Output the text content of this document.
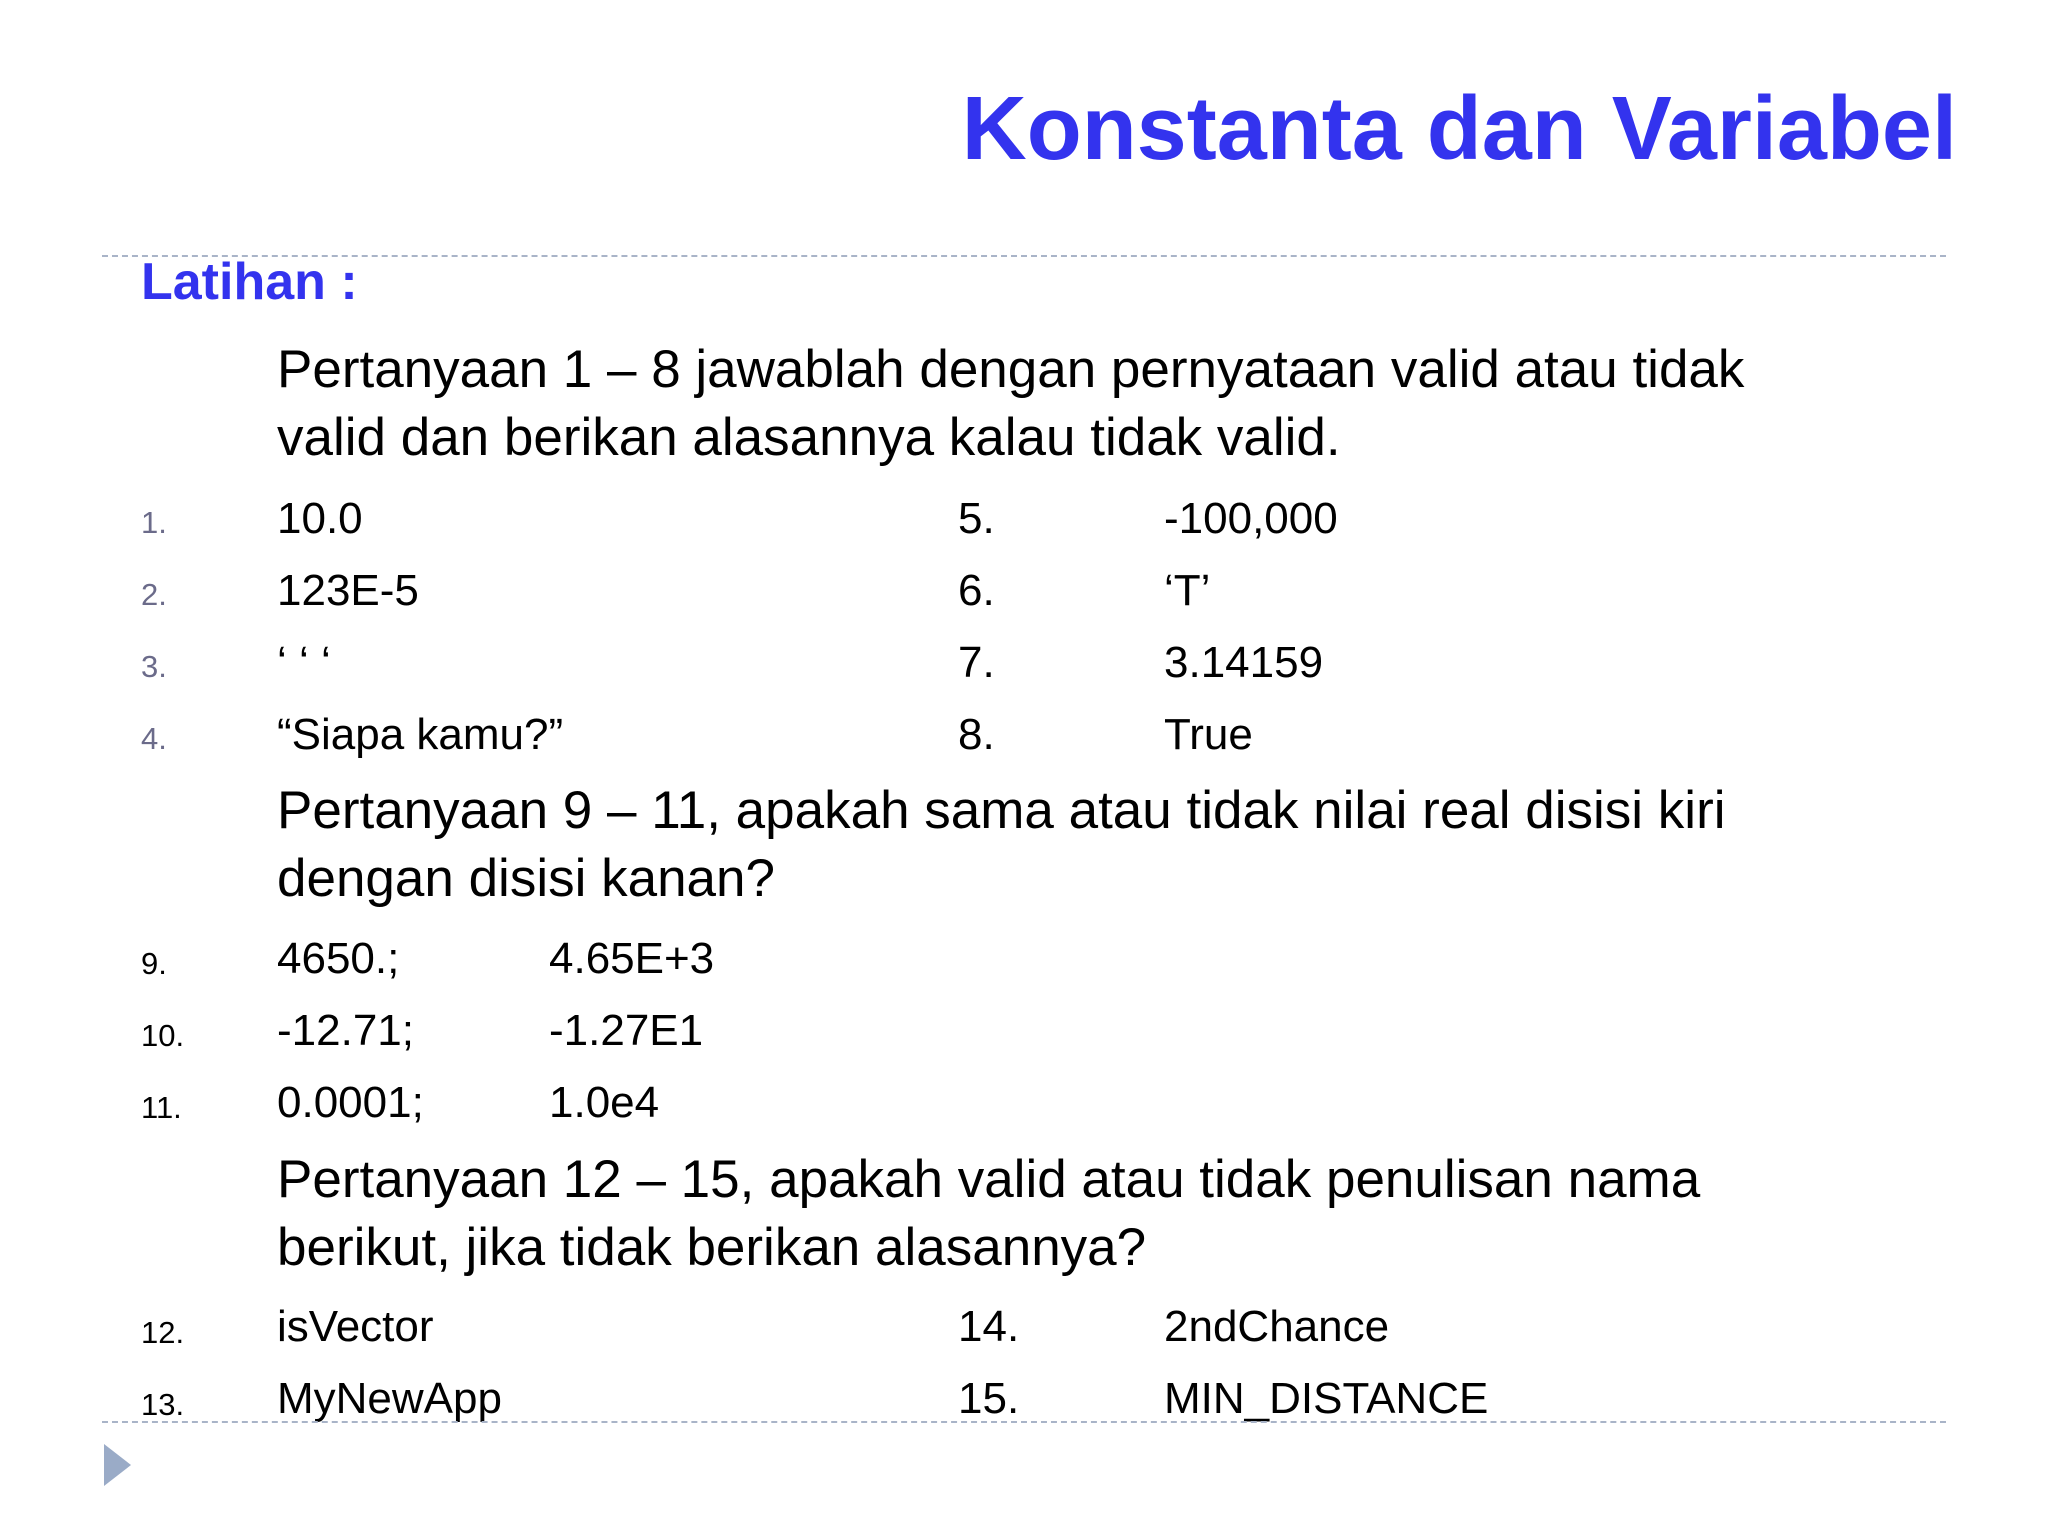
Konstanta dan Variabel
Latihan :
Pertanyaan 1 – 8 jawablah dengan pernyataan valid atau tidak
valid dan berikan alasannya kalau tidak valid.
1.	10.0
2.	123E-5
3.	‘ ‘ ‘
4.	“Siapa kamu?”
5.	-100,000
6.	‘T’
7.	3.14159
8.	True
Pertanyaan 9 – 11, apakah sama atau tidak nilai real disisi kiri
dengan disisi kanan?
9.	4650.;	4.65E+3
10. -12.71;	-1.27E1
11. 0.0001;	1.0e4
Pertanyaan 12 – 15, apakah valid atau tidak penulisan nama
berikut, jika tidak berikan alasannya?
12. isVector
13. MyNewApp
14.	2ndChance
15.	MIN_DISTANCE
